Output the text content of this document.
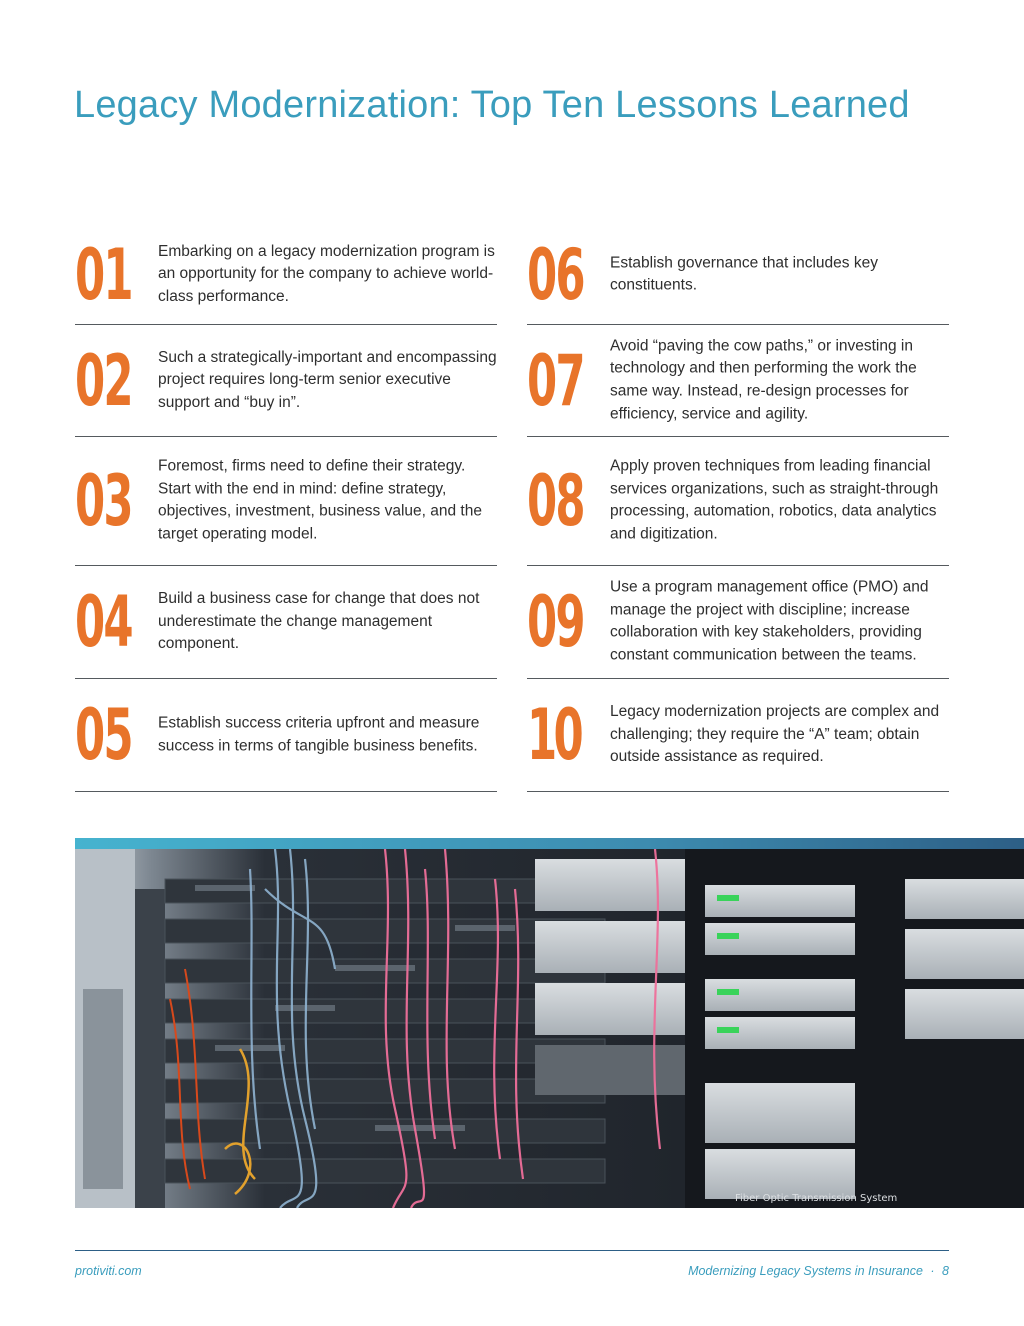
Legacy Modernization: Top Ten Lessons Learned
01 Embarking on a legacy modernization program is an opportunity for the company to achieve world-class performance.

02 Such a strategically-important and encompassing project requires long-term senior executive support and “buy in”.

03 Foremost, firms need to define their strategy. Start with the end in mind: define strategy, objectives, investment, business value, and the target operating model.

04 Build a business case for change that does not underestimate the change management component.

05 Establish success criteria upfront and measure success in terms of tangible business benefits.

06 Establish governance that includes key constituents.

07 Avoid “paving the cow paths,” or investing in technology and then performing the work the same way. Instead, re-design processes for efficiency, service and agility.

08 Apply proven techniques from leading financial services organizations, such as straight-through processing, automation, robotics, data analytics and digitization.

09 Use a program management office (PMO) and manage the project with discipline; increase collaboration with key stakeholders, providing constant communication between the teams.

10 Legacy modernization projects are complex and challenging; they require the “A” team; obtain outside assistance as required.

Fiber Optic Transmission System
protiviti.com	Modernizing Legacy Systems in Insurance · 8
